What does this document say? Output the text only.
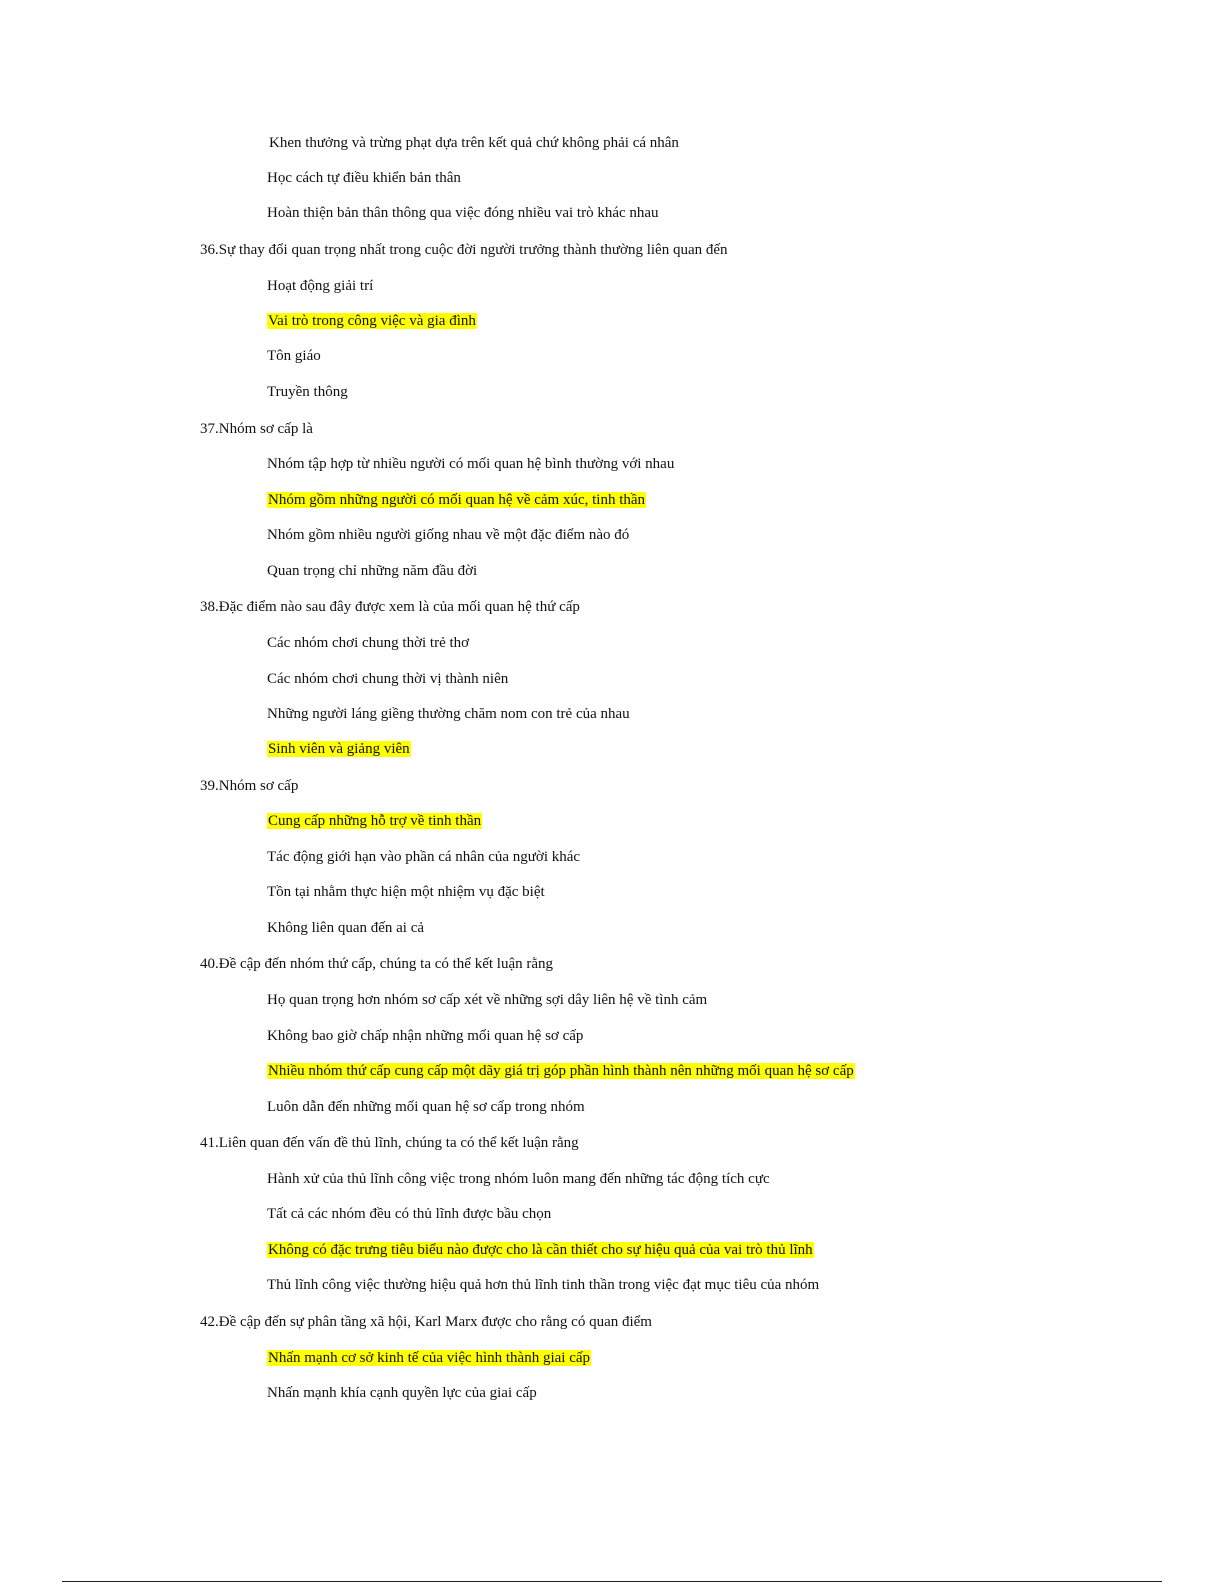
Khen thưởng và trừng phạt dựa trên kết quả chứ không phải cá nhân
Học cách tự điều khiển bản thân
Hoàn thiện bản thân thông qua việc đóng nhiều vai trò khác nhau
36.Sự thay đổi quan trọng nhất trong cuộc đời người trưởng thành thường liên quan đến
Hoạt động giải trí
Vai trò trong công việc và gia đình
Tôn giáo
Truyền thông
37.Nhóm sơ cấp là
Nhóm tập hợp từ nhiều người có mối quan hệ bình thường với nhau
Nhóm gồm những người có mối quan hệ về cảm xúc, tinh thần
Nhóm gồm nhiều người giống nhau về một đặc điểm nào đó
Quan trọng chỉ những năm đầu đời
38.Đặc điểm nào sau đây được xem là của mối quan hệ thứ cấp
Các nhóm chơi chung thời trẻ thơ
Các nhóm chơi chung thời vị thành niên
Những người láng giềng thường chăm nom con trẻ của nhau
Sinh viên và giảng viên
39.Nhóm sơ cấp
Cung cấp những hỗ trợ về tinh thần
Tác động giới hạn vào phần cá nhân của người khác
Tồn tại nhằm thực hiện một nhiệm vụ đặc biệt
Không liên quan đến ai cả
40.Đề cập đến nhóm thứ cấp, chúng ta có thể kết luận rằng
Họ quan trọng hơn nhóm sơ cấp xét về những sợi dây liên hệ về tình cảm
Không bao giờ chấp nhận những mối quan hệ sơ cấp
Nhiều nhóm thứ cấp cung cấp một dãy giá trị góp phần hình thành nên những mối quan hệ sơ cấp
Luôn dẫn đến những mối quan hệ sơ cấp trong nhóm
41.Liên quan đến vấn đề thủ lĩnh, chúng ta có thể kết luận rằng
Hành xử của thủ lĩnh công việc trong nhóm luôn mang đến những tác động tích cực
Tất cả các nhóm đều có thủ lĩnh được bầu chọn
Không có đặc trưng tiêu biểu nào được cho là cần thiết cho sự hiệu quả của vai trò thủ lĩnh
Thủ lĩnh công việc thường hiệu quả hơn thủ lĩnh tinh thần trong việc đạt mục tiêu của nhóm
42.Đề cập đến sự phân tầng xã hội, Karl Marx được cho rằng có quan điểm
Nhấn mạnh cơ sở kinh tế của việc hình thành giai cấp
Nhấn mạnh khía cạnh quyền lực của giai cấp
